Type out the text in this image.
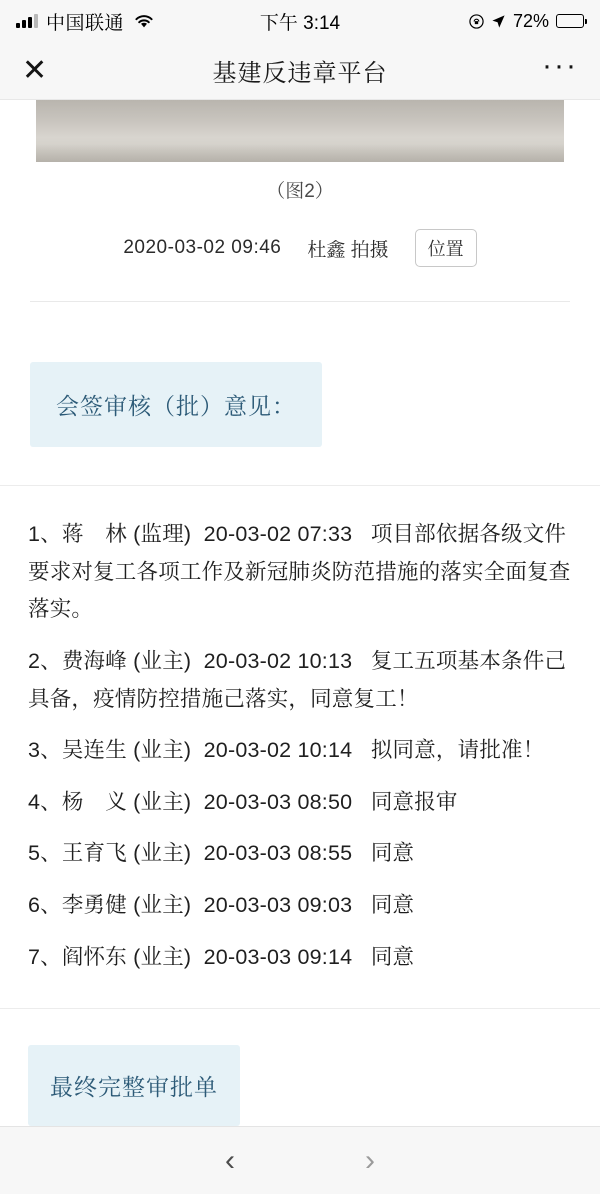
中国联通	下午 3:14	72%
✕	基建反违章平台	···
（图2）
2020-03-02 09:46 杜鑫 拍摄	位置
会签审核（批）意见：
1、蒋　林 (监理) 20-03-02 07:33 项目部依据各级文件要求对复工各项工作及新冠肺炎防范措施的落实全面复查落实。
2、费海峰 (业主) 20-03-02 10:13 复工五项基本条件己具备，疫情防控措施己落实，同意复工！
3、吴连生 (业主) 20-03-02 10:14 拟同意，请批准！
4、杨　义 (业主) 20-03-03 08:50 同意报审
5、王育飞 (业主) 20-03-03 08:55 同意
6、李勇健 (业主) 20-03-03 09:03 同意
7、阎怀东 (业主) 20-03-03 09:14 同意
最终完整审批单
‹	›
